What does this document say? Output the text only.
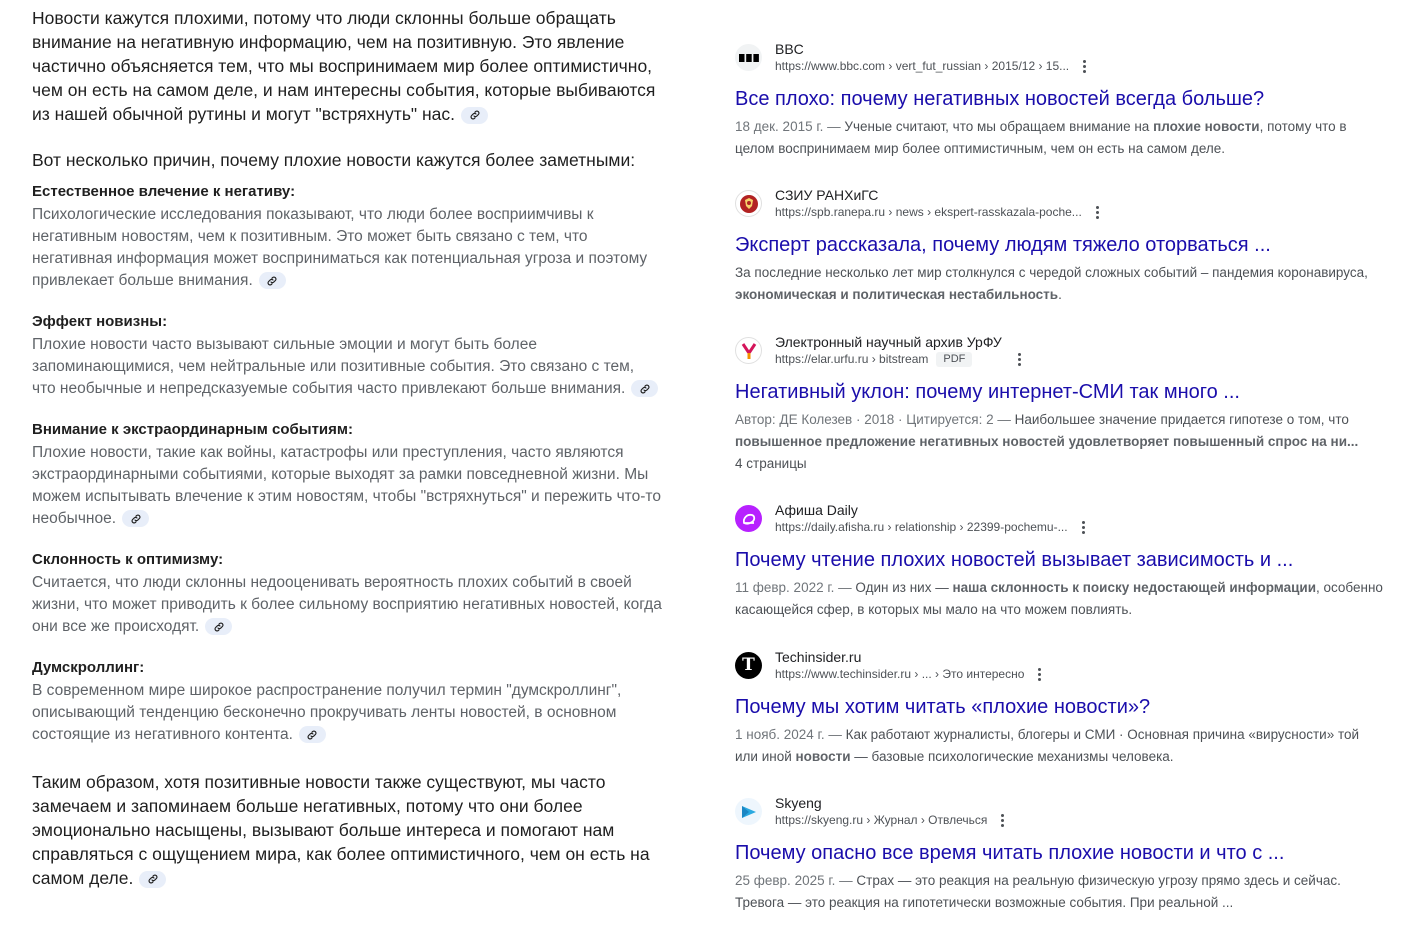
Новости кажутся плохими, потому что люди склонны больше обращать внимание на негативную информацию, чем на позитивную. Это явление частично объясняется тем, что мы воспринимаем мир более оптимистично, чем он есть на самом деле, и нам интересны события, которые выбиваются из нашей обычной рутины и могут "встряхнуть" нас.

Вот несколько причин, почему плохие новости кажутся более заметными:

Естественное влечение к негативу:

Психологические исследования показывают, что люди более восприимчивы к негативным новостям, чем к позитивным. Это может быть связано с тем, что негативная информация может восприниматься как потенциальная угроза и поэтому привлекает больше внимания.

Эффект новизны:

Плохие новости часто вызывают сильные эмоции и могут быть более запоминающимися, чем нейтральные или позитивные события. Это связано с тем, что необычные и непредсказуемые события часто привлекают больше внимания.

Внимание к экстраординарным событиям:

Плохие новости, такие как войны, катастрофы или преступления, часто являются экстраординарными событиями, которые выходят за рамки повседневной жизни. Мы можем испытывать влечение к этим новостям, чтобы "встряхнуться" и пережить что-то необычное.

Склонность к оптимизму:

Считается, что люди склонны недооценивать вероятность плохих событий в своей жизни, что может приводить к более сильному восприятию негативных новостей, когда они все же происходят.

Думскроллинг:

В современном мире широкое распространение получил термин "думскроллинг", описывающий тенденцию бесконечно прокручивать ленты новостей, в основном состоящие из негативного контента.

Таким образом, хотя позитивные новости также существуют, мы часто замечаем и запоминаем больше негативных, потому что они более эмоционально насыщены, вызывают больше интереса и помогают нам справляться с ощущением мира, как более оптимистичного, чем он есть на самом деле.

BBC
https://www.bbc.com › vert_fut_russian › 2015/12 › 15...
Все плохо: почему негативных новостей всегда больше?
18 дек. 2015 г. — Ученые считают, что мы обращаем внимание на плохие новости, потому что в целом воспринимаем мир более оптимистичным, чем он есть на самом деле.
СЗИУ РАНХиГС
https://spb.ranepa.ru › news › ekspert-rasskazala-poche...
Эксперт рассказала, почему людям тяжело оторваться ...
За последние несколько лет мир столкнулся с чередой сложных событий – пандемия коронавируса, экономическая и политическая нестабильность.
Электронный научный архив УрФУ
https://elar.urfu.ru › bitstream	PDF
Негативный уклон: почему интернет-СМИ так много ...
Автор: ДЕ Колезев · 2018 · Цитируется: 2 — Наибольшее значение придается гипотезе о том, что
повышенное предложение негативных новостей удовлетворяет повышенный спрос на ни...
4 страницы
Афиша Daily
https://daily.afisha.ru › relationship › 22399-pochemu-...
Почему чтение плохих новостей вызывает зависимость и ...
11 февр. 2022 г. — Один из них — наша склонность к поиску недостающей информации, особенно касающейся сфер, в которых мы мало на что можем повлиять.
T Techinsider.ru
https://www.techinsider.ru › ... › Это интересно
Почему мы хотим читать «плохие новости»?
1 нояб. 2024 г. — Как работают журналисты, блогеры и СМИ · Основная причина «вирусности» той или иной новости — базовые психологические механизмы человека.
Skyeng
https://skyeng.ru › Журнал › Отвлечься
Почему опасно все время читать плохие новости и что с ...
25 февр. 2025 г. — Страх — это реакция на реальную физическую угрозу прямо здесь и сейчас. Тревога — это реакция на гипотетически возможные события. При реальной ...
